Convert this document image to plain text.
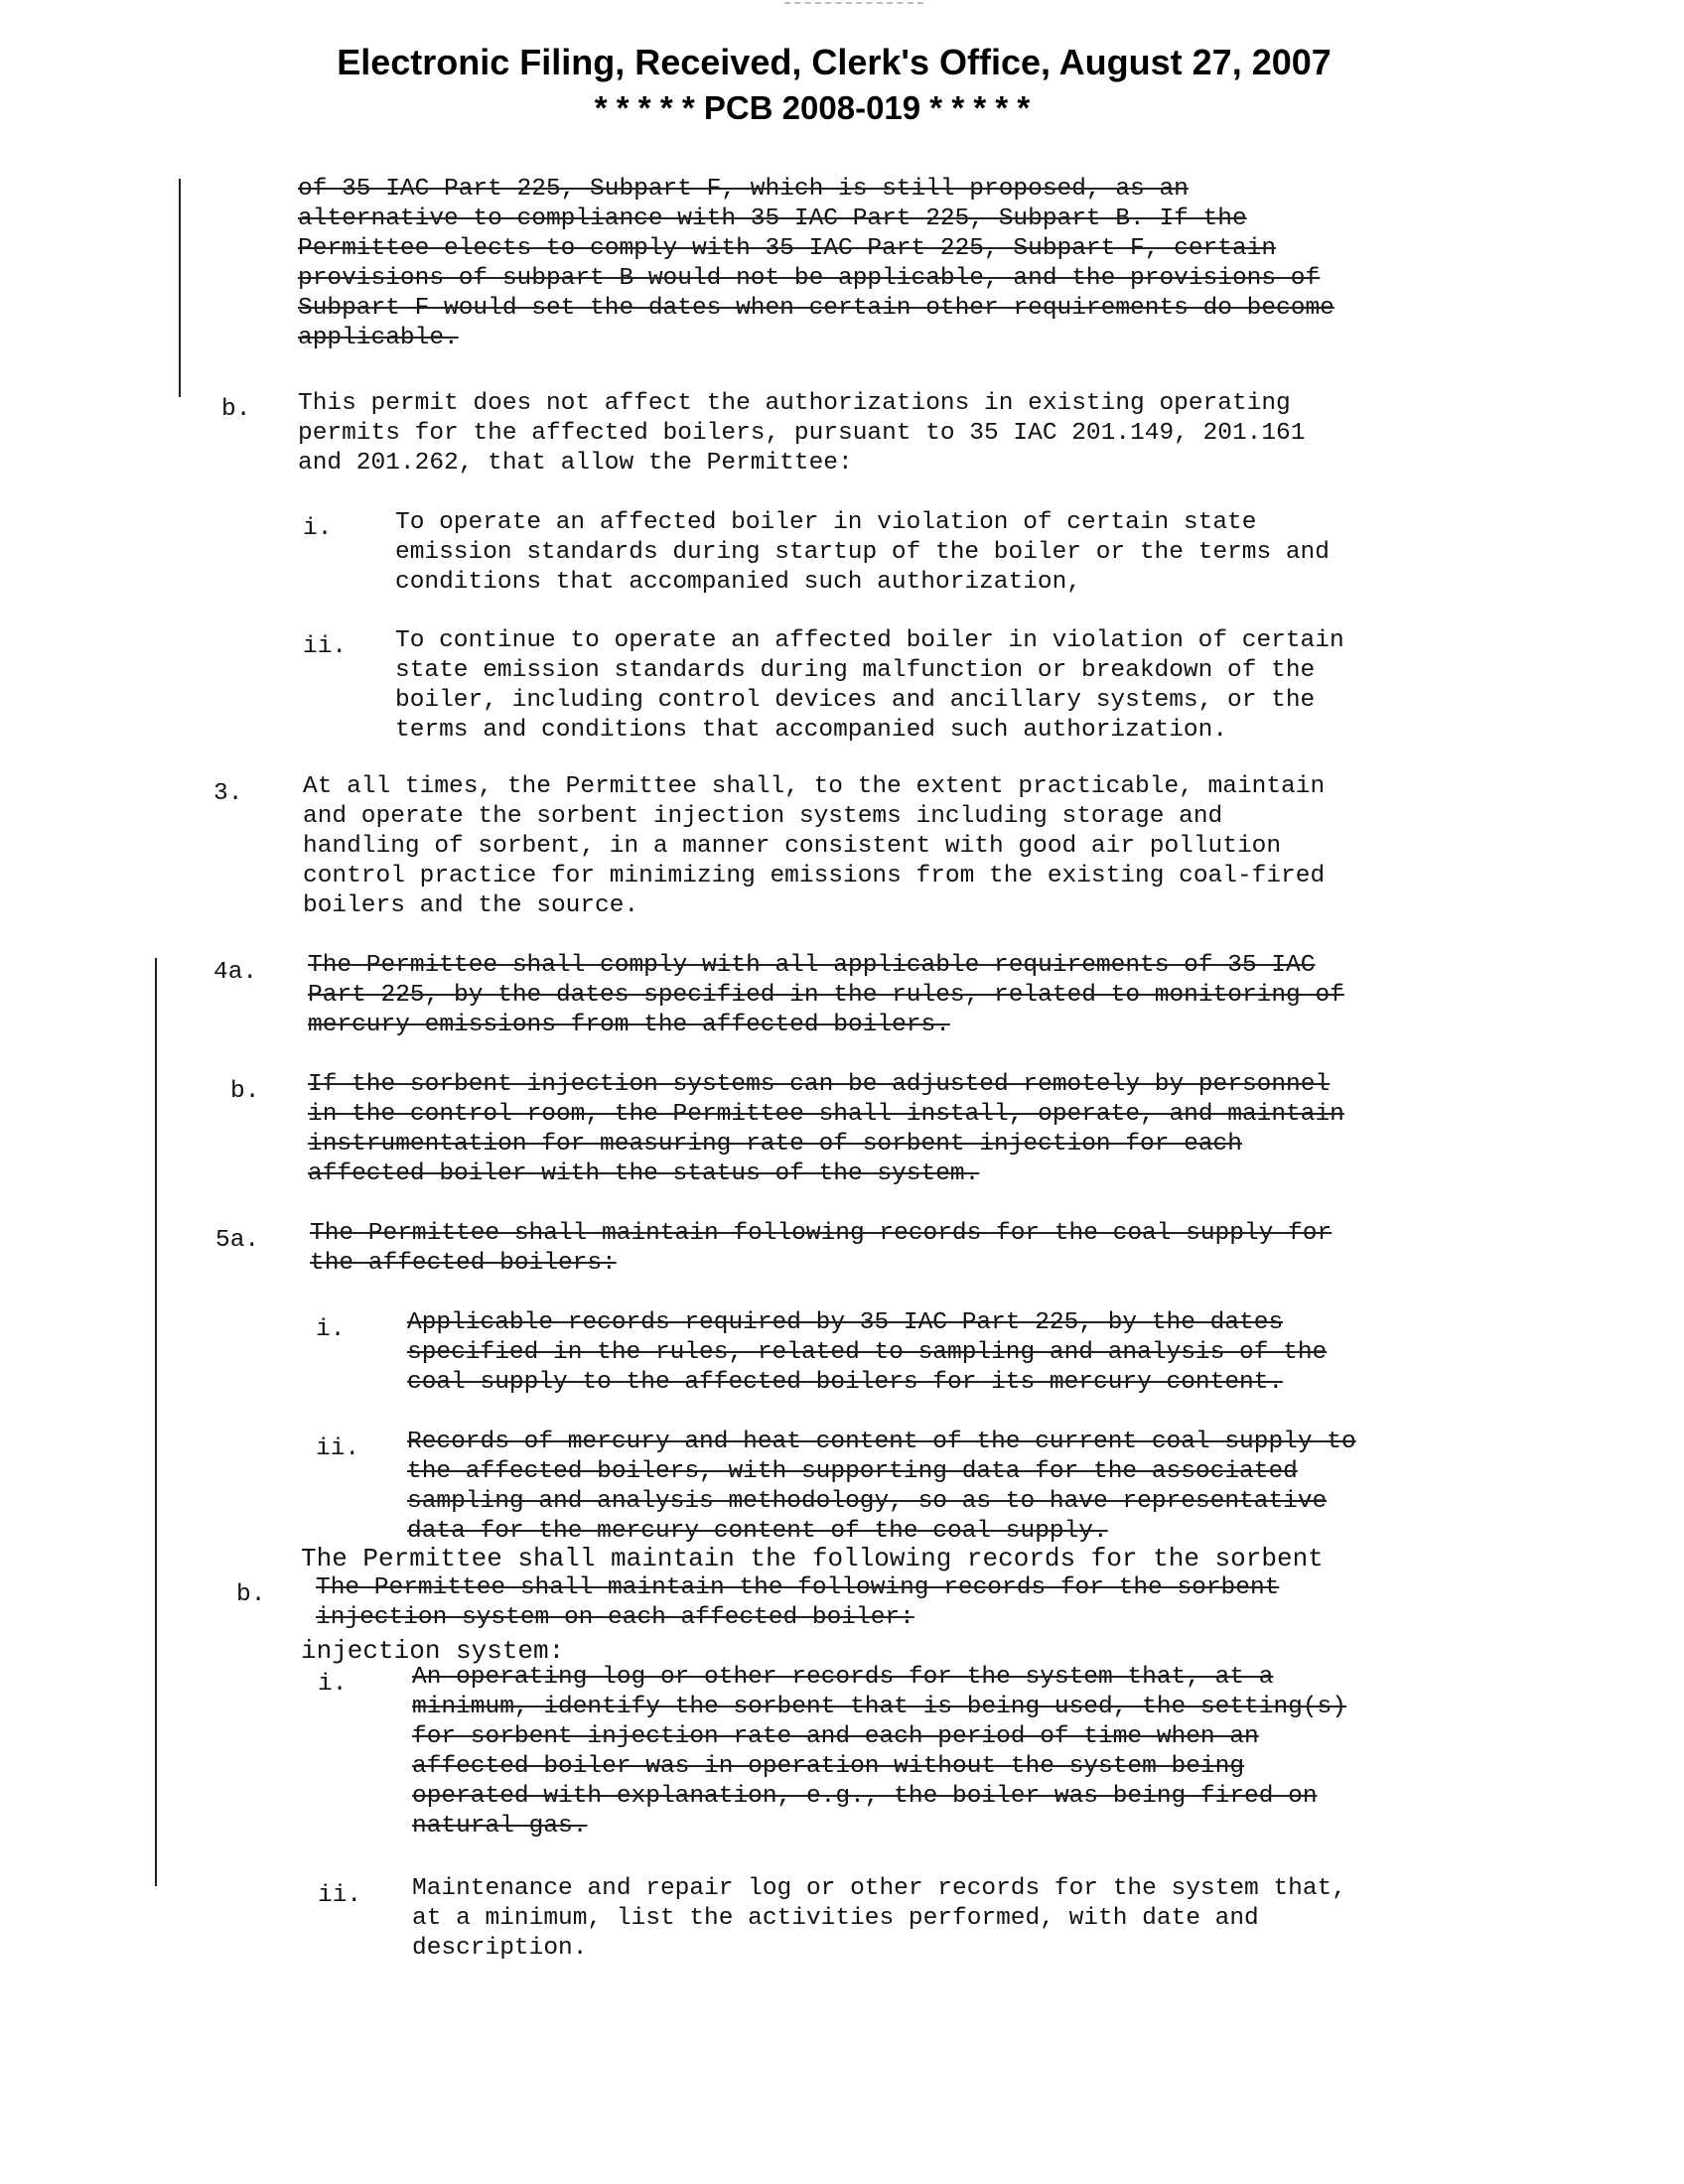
Electronic Filing, Received, Clerk's Office, August 27, 2007
* * * * * PCB 2008-019 * * * * *
of 35 IAC Part 225, Subpart F, which is still proposed, as an
alternative to compliance with 35 IAC Part 225, Subpart B. If the
Permittee elects to comply with 35 IAC Part 225, Subpart F, certain
provisions of subpart B would not be applicable, and the provisions of
Subpart F would set the dates when certain other requirements do become
applicable.
b. This permit does not affect the authorizations in existing operating
permits for the affected boilers, pursuant to 35 IAC 201.149, 201.161
and 201.262, that allow the Permittee:
i.	To operate an affected boiler in violation of certain state
emission standards during startup of the boiler or the terms and
conditions that accompanied such authorization,
ii. To continue to operate an affected boiler in violation of certain
state emission standards during malfunction or breakdown of the
boiler, including control devices and ancillary systems, or the
terms and conditions that accompanied such authorization.
3. At all times, the Permittee shall, to the extent practicable, maintain
and operate the sorbent injection systems including storage and
handling of sorbent, in a manner consistent with good air pollution
control practice for minimizing emissions from the existing coal-fired
boilers and the source.
4a. The Permittee shall comply with all applicable requirements of 35 IAC
Part 225, by the dates specified in the rules, related to monitoring of
mercury emissions from the affected boilers.
b. If the sorbent injection systems can be adjusted remotely by personnel
in the control room, the Permittee shall install, operate, and maintain
instrumentation for measuring rate of sorbent injection for each
affected boiler with the status of the system.
5a. The Permittee shall maintain following records for the coal supply for
the affected boilers:
i.	Applicable records required by 35 IAC Part 225, by the dates
specified in the rules, related to sampling and analysis of the
coal supply to the affected boilers for its mercury content.
ii. Records of mercury and heat content of the current coal supply to
the affected boilers, with supporting data for the associated
sampling and analysis methodology, so as to have representative
data for the mercury content of the coal supply.
The Permittee shall maintain the following records for the sorbent
b. The Permittee shall maintain the following records for the sorbent
injection system on each affected boiler:
injection system:
i.	An operating log or other records for the system that, at a
minimum, identify the sorbent that is being used, the setting(s)
for sorbent injection rate and each period of time when an
affected boiler was in operation without the system being
operated with explanation, e.g., the boiler was being fired on
natural gas.
ii. Maintenance and repair log or other records for the system that,
at a minimum, list the activities performed, with date and
description.
